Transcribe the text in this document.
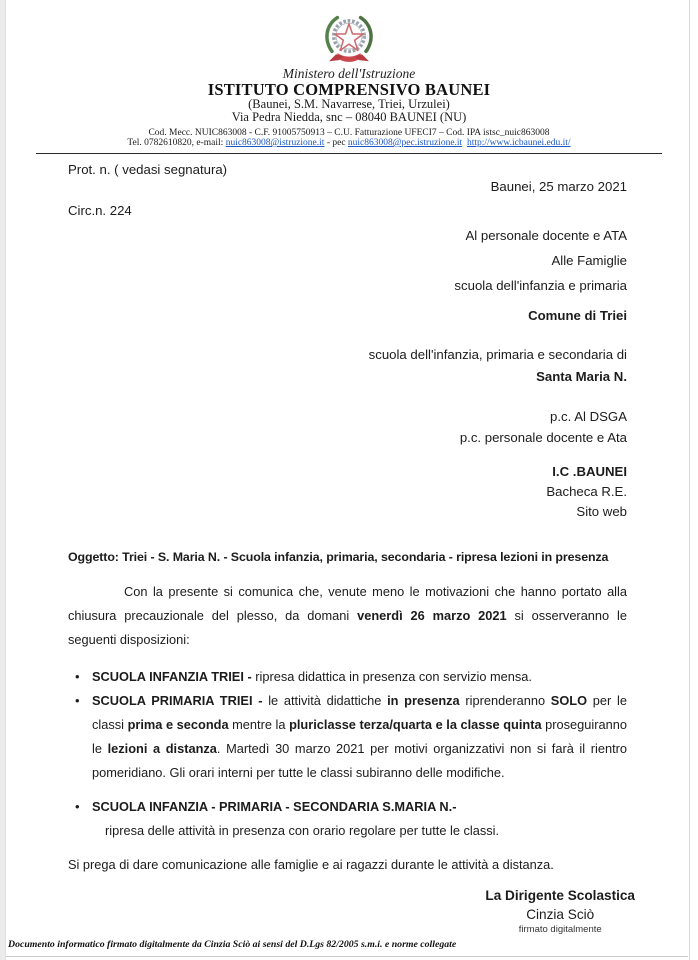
Ministero dell'Istruzione
ISTITUTO COMPRENSIVO BAUNEI
(Baunei, S.M. Navarrese, Triei, Urzulei)
Via Pedra Niedda, snc – 08040 BAUNEI (NU)
Cod. Mecc. NUIC863008 - C.F. 91005750913 – C.U. Fatturazione UFECI7 – Cod. IPA istsc_nuic863008
Tel. 0782610820, e-mail: nuic863008@istruzione.it - pec nuic863008@pec.istruzione.it http://www.icbaunei.edu.it/
Prot. n. ( vedasi segnatura)
Baunei, 25 marzo 2021
Circ.n. 224
Al personale docente e ATA
Alle Famiglie
scuola dell'infanzia e primaria
Comune di Triei
scuola dell'infanzia, primaria e secondaria di
Santa Maria N.
p.c. Al DSGA
p.c. personale docente e Ata
I.C .BAUNEI
Bacheca R.E.
Sito web
Oggetto: Triei - S. Maria N. - Scuola infanzia, primaria, secondaria - ripresa lezioni in presenza

Con la presente si comunica che, venute meno le motivazioni che hanno portato alla chiusura precauzionale del plesso, da domani venerdì 26 marzo 2021 si osserveranno le seguenti disposizioni:

• SCUOLA INFANZIA TRIEI - ripresa didattica in presenza con servizio mensa.
• SCUOLA PRIMARIA TRIEI - le attività didattiche in presenza riprenderanno SOLO per le classi prima e seconda mentre la pluriclasse terza/quarta e la classe quinta proseguiranno le lezioni a distanza. Martedì 30 marzo 2021 per motivi organizzativi non si farà il rientro pomeridiano. Gli orari interni per tutte le classi subiranno delle modifiche.
• SCUOLA INFANZIA - PRIMARIA - SECONDARIA S.MARIA N.-
ripresa delle attività in presenza con orario regolare per tutte le classi.
Si prega di dare comunicazione alle famiglie e ai ragazzi durante le attività a distanza.
La Dirigente Scolastica
Cinzia Sciò
firmato digitalmente
Documento informatico firmato digitalmente da Cinzia Sciò ai sensi del D.Lgs 82/2005 s.m.i. e norme collegate
